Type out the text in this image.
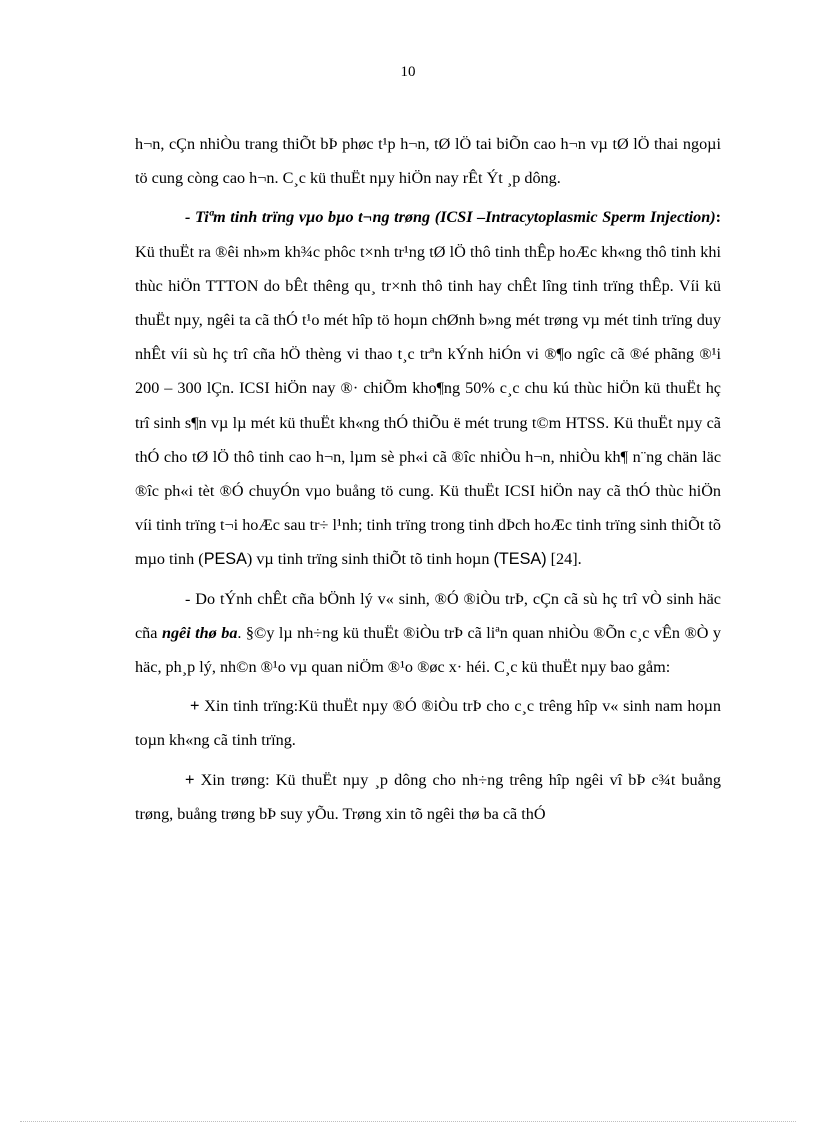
10

h¬n, cÇn nhiÒu trang thiÕt bÞ phøc t¹p h¬n, tØ lÖ tai biÕn cao h¬n vµ tØ lÖ thai ngoµi tö cung còng cao h¬n. C¸c kü thuËt nµy hiÖn nay rÊt Ýt ¸p dông.

- Tiªm tinh trïng vµo bµo t¬ng trøng (ICSI –Intracytoplasmic Sperm Injection): Kü thuËt ra ®êi nh»m kh¾c phôc t×nh tr¹ng tØ lÖ thô tinh thÊp hoÆc kh«ng thô tinh khi thùc hiÖn TTTON do bÊt thêng qu¸ tr×nh thô tinh hay chÊt lîng tinh trïng thÊp. Víi kü thuËt nµy, ngêi ta cã thÓ t¹o mét hîp tö hoµn chØnh b»ng mét trøng vµ mét tinh trïng duy nhÊt víi sù hç trî cña hÖ thèng vi thao t¸c trªn kÝnh hiÓn vi ®¶o ngîc cã ®é phãng ®¹i 200 – 300 lÇn. ICSI hiÖn nay ®· chiÕm kho¶ng 50% c¸c chu kú thùc hiÖn kü thuËt hç trî sinh s¶n vµ lµ mét kü thuËt kh«ng thÓ thiÕu ë mét trung t©m HTSS. Kü thuËt nµy cã thÓ cho tØ lÖ thô tinh cao h¬n, lµm sè ph«i cã ®îc nhiÒu h¬n, nhiÒu kh¶ n¨ng chän läc ®îc ph«i tèt ®Ó chuyÓn vµo buång tö cung. Kü thuËt ICSI hiÖn nay cã thÓ thùc hiÖn víi tinh trïng t¬i hoÆc sau tr÷ l¹nh; tinh trïng trong tinh dÞch hoÆc tinh trïng sinh thiÕt tõ mµo tinh (PESA) vµ tinh trïng sinh thiÕt tõ tinh hoµn (TESA) [24].

- Do tÝnh chÊt cña bÖnh lý v« sinh, ®Ó ®iÒu trÞ, cÇn cã sù hç trî vÒ sinh häc cña ngêi thø ba. §©y lµ nh÷ng kü thuËt ®iÒu trÞ cã liªn quan nhiÒu ®Õn c¸c vÊn ®Ò y häc, ph¸p lý, nh©n ®¹o vµ quan niÖm ®¹o ®øc x· héi. C¸c kü thuËt nµy bao gåm:

+ Xin tinh trïng:Kü thuËt nµy ®Ó ®iÒu trÞ cho c¸c trêng hîp v« sinh nam hoµn toµn kh«ng cã tinh trïng.

+ Xin trøng: Kü thuËt nµy ¸p dông cho nh÷ng trêng hîp ngêi vî bÞ c¾t buång trøng, buång trøng bÞ suy yÕu. Trøng xin tõ ngêi thø ba cã thÓ
